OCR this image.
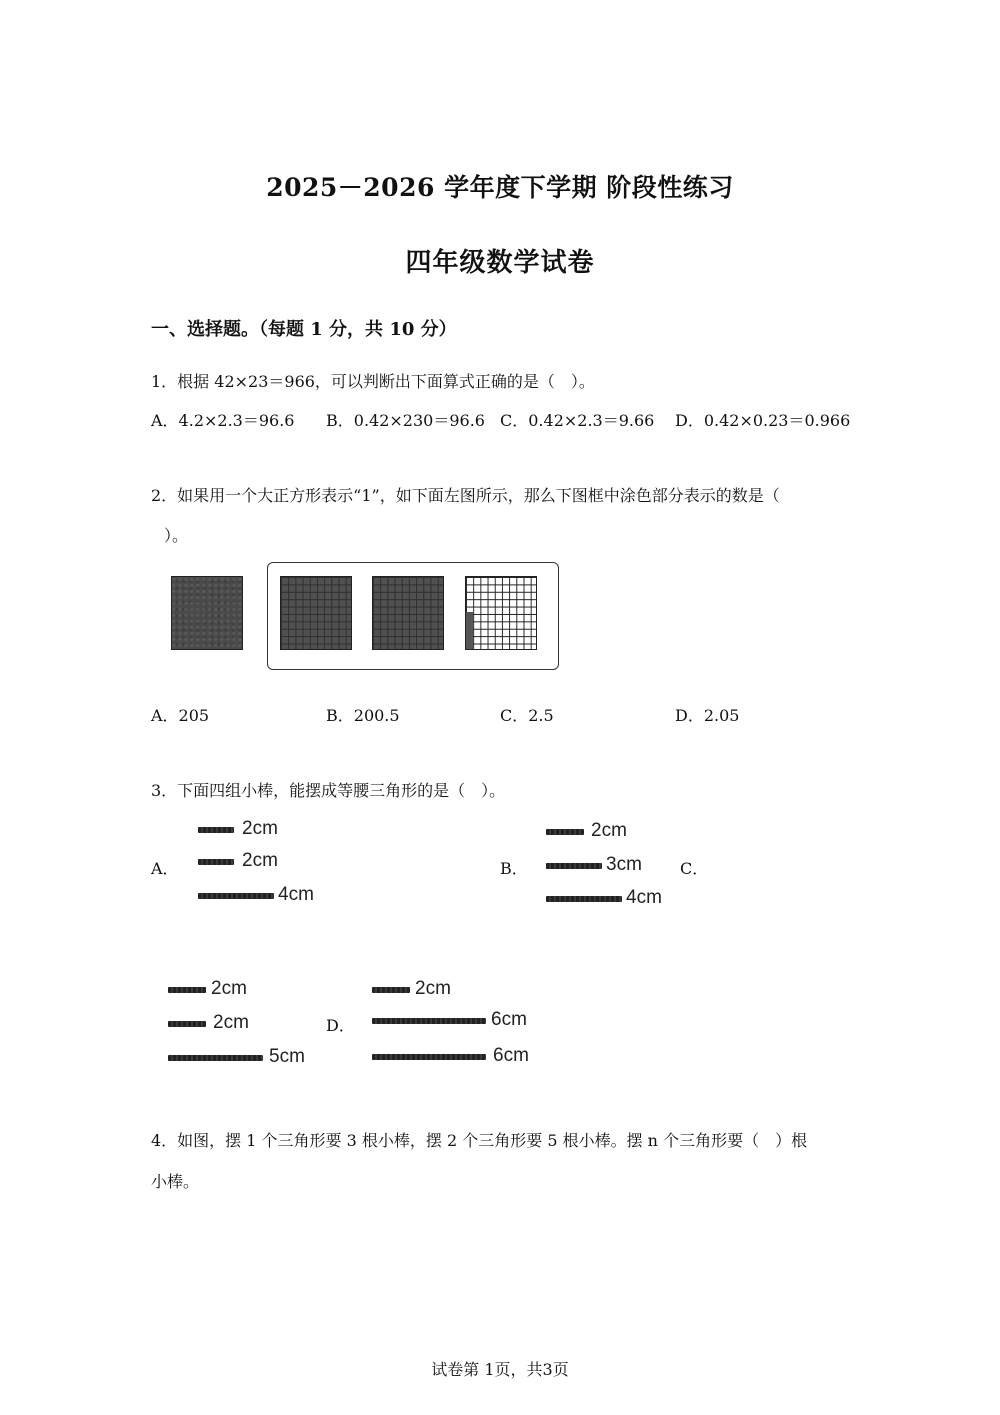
2025－2026 学年度下学期 阶段性练习
四年级数学试卷
一、选择题。（每题 1 分，共 10 分）
1．根据 42×23＝966，可以判断出下面算式正确的是（　）。
A．4.2×2.3＝96.6 B．0.42×230＝96.6 C．0.42×2.3＝9.66 D．0.42×0.23＝0.966
2．如果用一个大正方形表示“1”，如下面左图所示，那么下图框中涂色部分表示的数是（
）。
A．205	B．200.5	C．2.5	D．2.05
3．下面四组小棒，能摆成等腰三角形的是（　）。
A．
2cm
2cm
4cm
B．
2cm
3cm
4cm
C．
2cm
2cm
5cm
D．
2cm
6cm
6cm
4．如图，摆 1 个三角形要 3 根小棒，摆 2 个三角形要 5 根小棒。摆 n 个三角形要（　）根
小棒。
试卷第 1页，共3页
